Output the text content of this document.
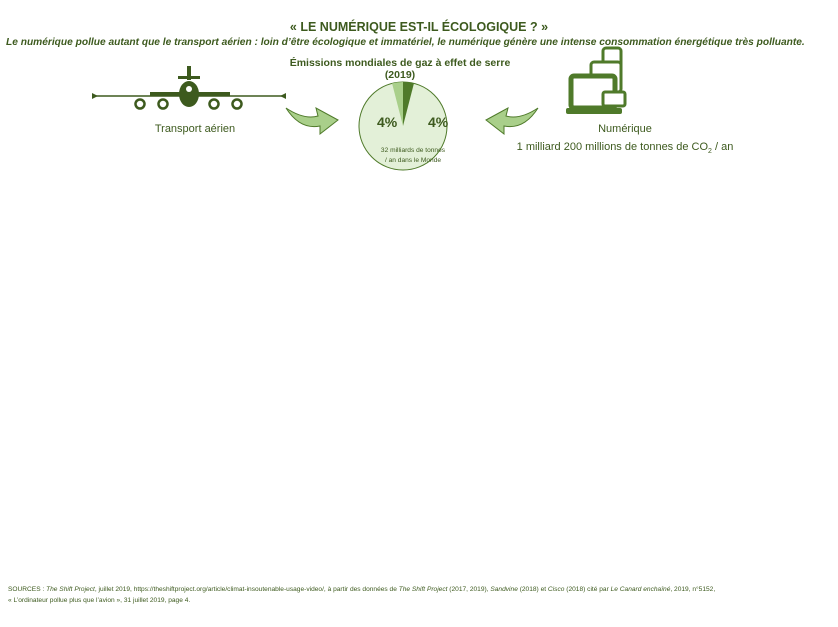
« LE NUMÉRIQUE EST-IL ÉCOLOGIQUE ? »
Le numérique pollue autant que le transport aérien : loin d’être écologique et immatériel, le numérique génère une intense consommation énergétique très polluante.
Émissions mondiales de gaz à effet de serre (2019)
Transport aérien	4% 4%
32 milliards de tonnes
/ an dans le Monde
Numérique
1 milliard 200 millions de tonnes de $CO_2$ / an
SOURCES : The Shift Project, juillet 2019, https://theshiftproject.org/article/climat-insoutenable-usage-video/, à partir des données de The Shift Project (2017, 2019), Sandvine (2018) et Cisco (2018) cité par Le Canard enchaîné, 2019, n°5152,
« L’ordinateur pollue plus que l’avion », 31 juillet 2019, page 4.
